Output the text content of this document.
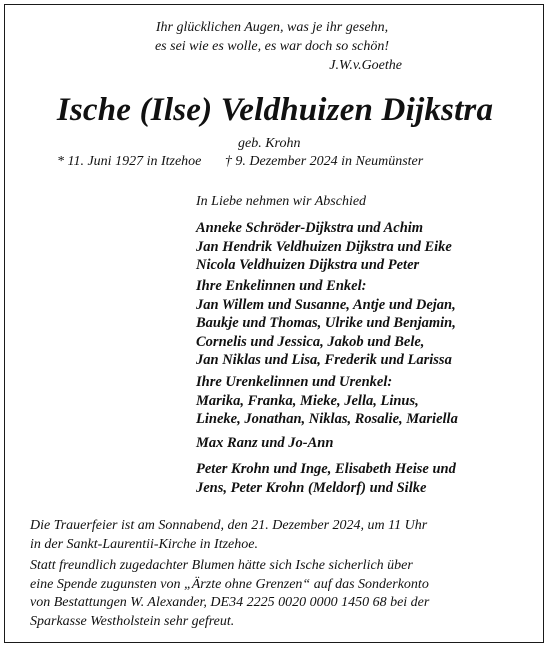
Ihr glücklichen Augen, was je ihr gesehn,
es sei wie es wolle, es war doch so schön!
J.W.v.Goethe
Ische (Ilse) Veldhuizen Dijkstra
geb. Krohn
* 11. Juni 1927 in Itzehoe † 9. Dezember 2024 in Neumünster
In Liebe nehmen wir Abschied
Anneke Schröder-Dijkstra und Achim
Jan Hendrik Veldhuizen Dijkstra und Eike
Nicola Veldhuizen Dijkstra und Peter
Ihre Enkelinnen und Enkel:
Jan Willem und Susanne, Antje und Dejan,
Baukje und Thomas, Ulrike und Benjamin,
Cornelis und Jessica, Jakob und Bele,
Jan Niklas und Lisa, Frederik und Larissa
Ihre Urenkelinnen und Urenkel:
Marika, Franka, Mieke, Jella, Linus,
Lineke, Jonathan, Niklas, Rosalie, Mariella
Max Ranz und Jo-Ann
Peter Krohn und Inge, Elisabeth Heise und
Jens, Peter Krohn (Meldorf) und Silke
Die Trauerfeier ist am Sonnabend, den 21. Dezember 2024, um 11 Uhr
in der Sankt-Laurentii-Kirche in Itzehoe.
Statt freundlich zugedachter Blumen hätte sich Ische sicherlich über
eine Spende zugunsten von „Ärzte ohne Grenzen“ auf das Sonderkonto
von Bestattungen W. Alexander, DE34 2225 0020 0000 1450 68 bei der
Sparkasse Westholstein sehr gefreut.
